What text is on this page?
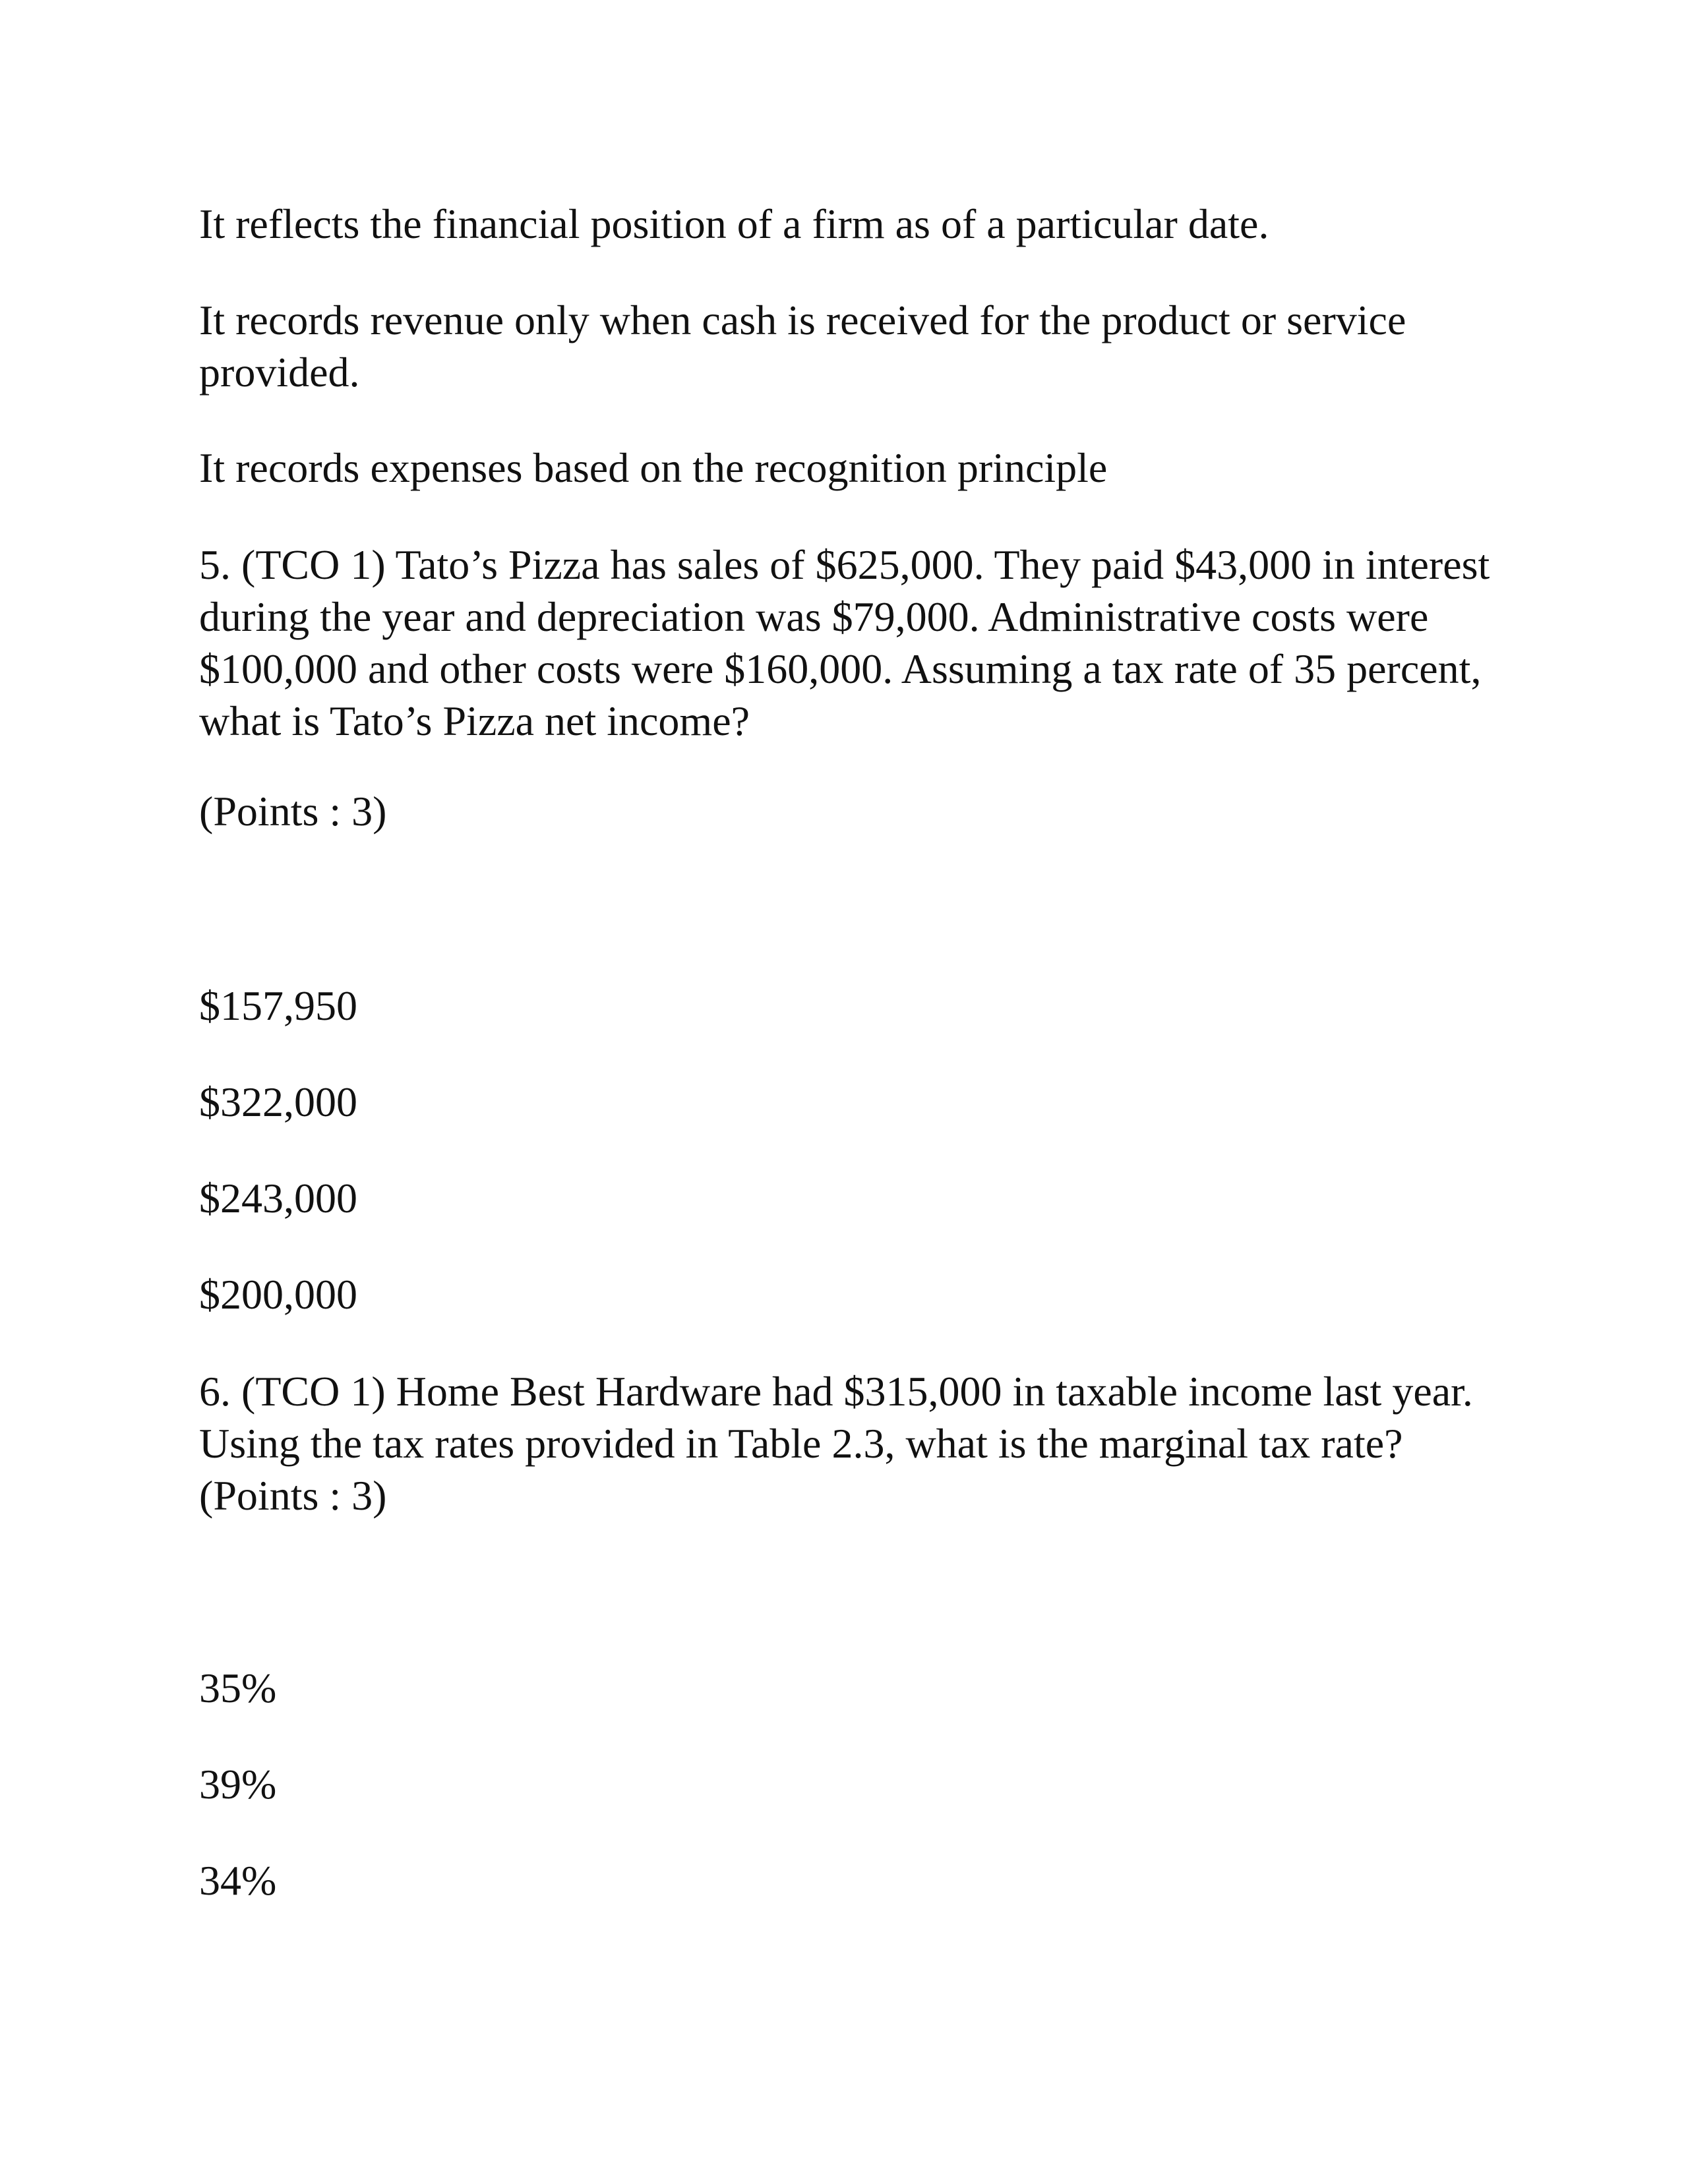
It reflects the financial position of a firm as of a particular date.

It records revenue only when cash is received for the product or service provided.

It records expenses based on the recognition principle

5. (TCO 1) Tato’s Pizza has sales of $625,000. They paid $43,000 in interest during the year and depreciation was $79,000. Administrative costs were $100,000 and other costs were $160,000. Assuming a tax rate of 35 percent, what is Tato’s Pizza net income?

(Points : 3)

$157,950

$322,000

$243,000

$200,000

6. (TCO 1) Home Best Hardware had $315,000 in taxable income last year. Using the tax rates provided in Table 2.3, what is the marginal tax rate?(Points : 3)

35%

39%

34%
